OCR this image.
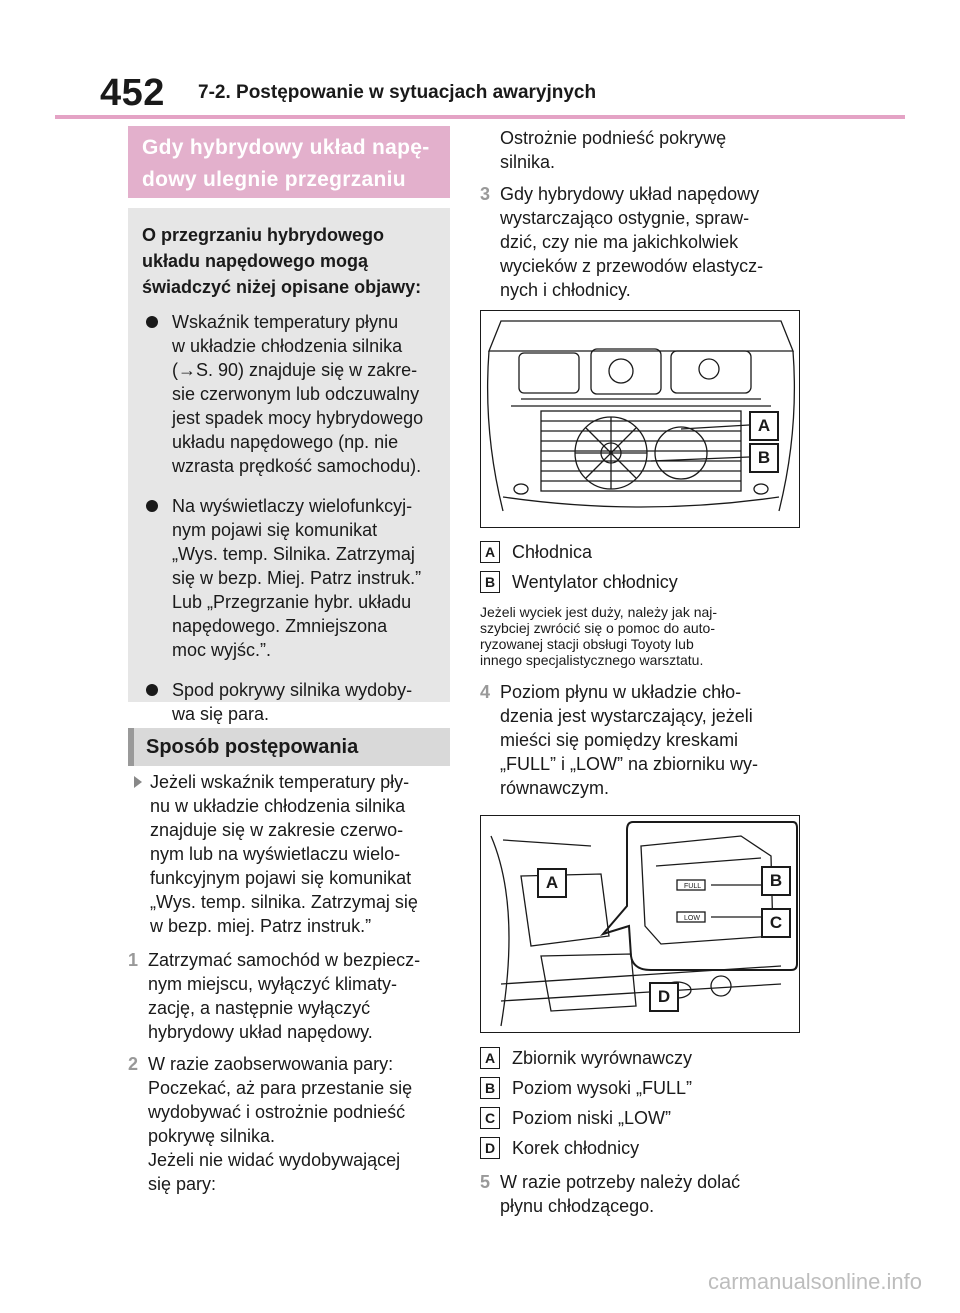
452 7-2. Postępowanie w sytuacjach awaryjnych
Gdy hybrydowy układ napę-
dowy ulegnie przegrzaniu
O przegrzaniu hybrydowego
układu napędowego mogą
świadczyć niżej opisane objawy:
Wskaźnik temperatury płynu
w układzie chłodzenia silnika
(→S. 90) znajduje się w zakre-
sie czerwonym lub odczuwalny
jest spadek mocy hybrydowego
układu napędowego (np. nie
wzrasta prędkość samochodu).
Na wyświetlaczy wielofunkcyj-
nym pojawi się komunikat
„Wys. temp. Silnika. Zatrzymaj
się w bezp. Miej. Patrz instruk.”
Lub „Przegrzanie hybr. układu
napędowego. Zmniejszona
moc wyjśc.”.
Spod pokrywy silnika wydoby-
wa się para.
Sposób postępowania
Jeżeli wskaźnik temperatury pły-
nu w układzie chłodzenia silnika
znajduje się w zakresie czerwo-
nym lub na wyświetlaczu wielo-
funkcyjnym pojawi się komunikat
„Wys. temp. silnika. Zatrzymaj się
w bezp. miej. Patrz instruk.”
1 Zatrzymać samochód w bezpiecz-
nym miejscu, wyłączyć klimaty-
zację, a następnie wyłączyć
hybrydowy układ napędowy.
2 W razie zaobserwowania pary:
Poczekać, aż para przestanie się
wydobywać i ostrożnie podnieść
pokrywę silnika.
Jeżeli nie widać wydobywającej
się pary:
Ostrożnie podnieść pokrywę
silnika.
3 Gdy hybrydowy układ napędowy
wystarczająco ostygnie, spraw-
dzić, czy nie ma jakichkolwiek
wycieków z przewodów elastycz-
nych i chłodnicy.
A
B
A Chłodnica
B Wentylator chłodnicy
Jeżeli wyciek jest duży, należy jak naj-
szybciej zwrócić się o pomoc do auto-
ryzowanej stacji obsługi Toyoty lub
innego specjalistycznego warsztatu.
4 Poziom płynu w układzie chło-
dzenia jest wystarczający, jeżeli
mieści się pomiędzy kreskami
„FULL” i „LOW” na zbiorniku wy-
równawczym.
FULL
LOW
A	B
C
D
A Zbiornik wyrównawczy
B Poziom wysoki „FULL”
C Poziom niski „LOW”
D Korek chłodnicy
5 W razie potrzeby należy dolać
płynu chłodzącego.
carmanualsonline.info
